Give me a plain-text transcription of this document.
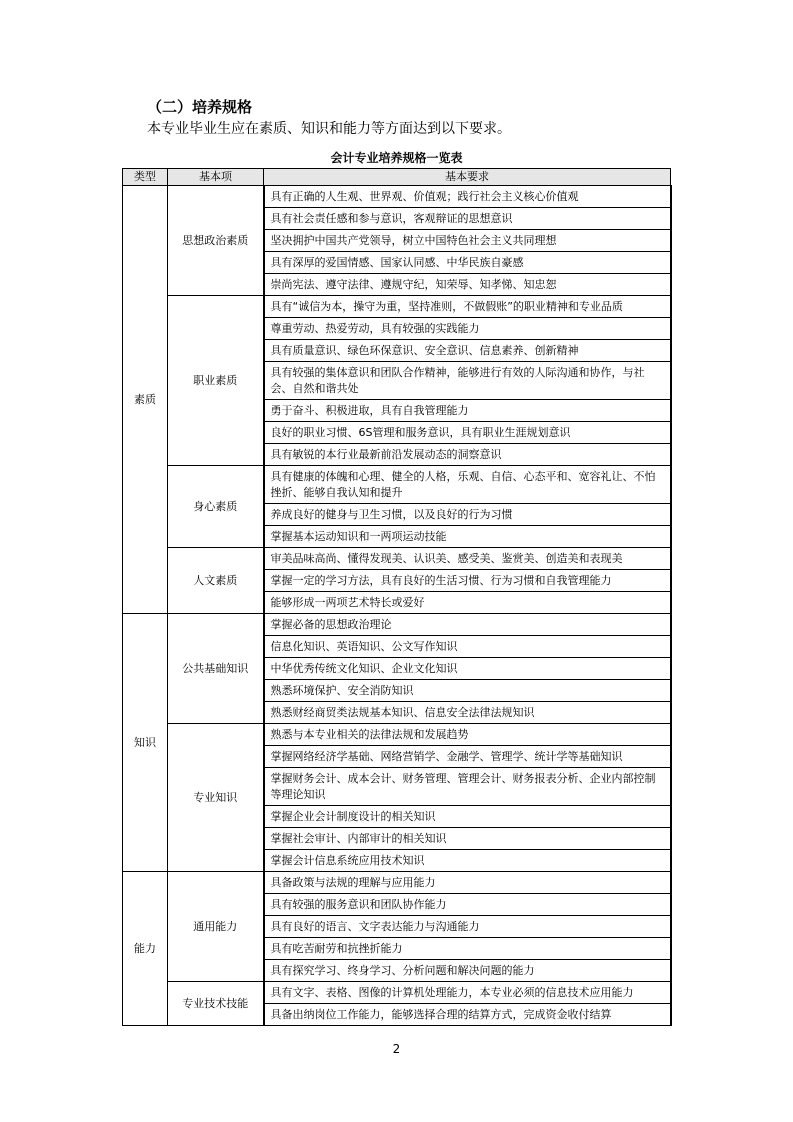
（二）培养规格
本专业毕业生应在素质、知识和能力等方面达到以下要求。
会计专业培养规格一览表
类型	基本项	基本要求
素质	思想政治素质	具有正确的人生观、世界观、价值观；践行社会主义核心价值观
		具有社会责任感和参与意识，客观辩证的思想意识
		坚决拥护中国共产党领导，树立中国特色社会主义共同理想
		具有深厚的爱国情感、国家认同感、中华民族自豪感
		崇尚宪法、遵守法律、遵规守纪，知荣辱、知孝悌、知忠恕
	职业素质	具有“诚信为本，操守为重，坚持准则，不做假账”的职业精神和专业品质
		尊重劳动、热爱劳动，具有较强的实践能力
		具有质量意识、绿色环保意识、安全意识、信息素养、创新精神
		具有较强的集体意识和团队合作精神，能够进行有效的人际沟通和协作，与社会、自然和谐共处
		勇于奋斗、积极进取，具有自我管理能力
		良好的职业习惯、6S管理和服务意识，具有职业生涯规划意识
		具有敏锐的本行业最新前沿发展动态的洞察意识
	身心素质	具有健康的体魄和心理、健全的人格，乐观、自信、心态平和、宽容礼让、不怕挫折、能够自我认知和提升
		养成良好的健身与卫生习惯，以及良好的行为习惯
		掌握基本运动知识和一两项运动技能
	人文素质	审美品味高尚、懂得发现美、认识美、感受美、鉴赏美、创造美和表现美
		掌握一定的学习方法，具有良好的生活习惯、行为习惯和自我管理能力
		能够形成一两项艺术特长或爱好
知识	公共基础知识	掌握必备的思想政治理论
		信息化知识、英语知识、公文写作知识
		中华优秀传统文化知识、企业文化知识
		熟悉环境保护、安全消防知识
		熟悉财经商贸类法规基本知识、信息安全法律法规知识
	专业知识	熟悉与本专业相关的法律法规和发展趋势
		掌握网络经济学基础、网络营销学、金融学、管理学、统计学等基础知识
		掌握财务会计、成本会计、财务管理、管理会计、财务报表分析、企业内部控制等理论知识
		掌握企业会计制度设计的相关知识
		掌握社会审计、内部审计的相关知识
		掌握会计信息系统应用技术知识
能力	通用能力	具备政策与法规的理解与应用能力
		具有较强的服务意识和团队协作能力
		具有良好的语言、文字表达能力与沟通能力
		具有吃苦耐劳和抗挫折能力
		具有探究学习、终身学习、分析问题和解决问题的能力
	专业技术技能	具有文字、表格、图像的计算机处理能力，本专业必须的信息技术应用能力
		具备出纳岗位工作能力，能够选择合理的结算方式，完成资金收付结算
2
